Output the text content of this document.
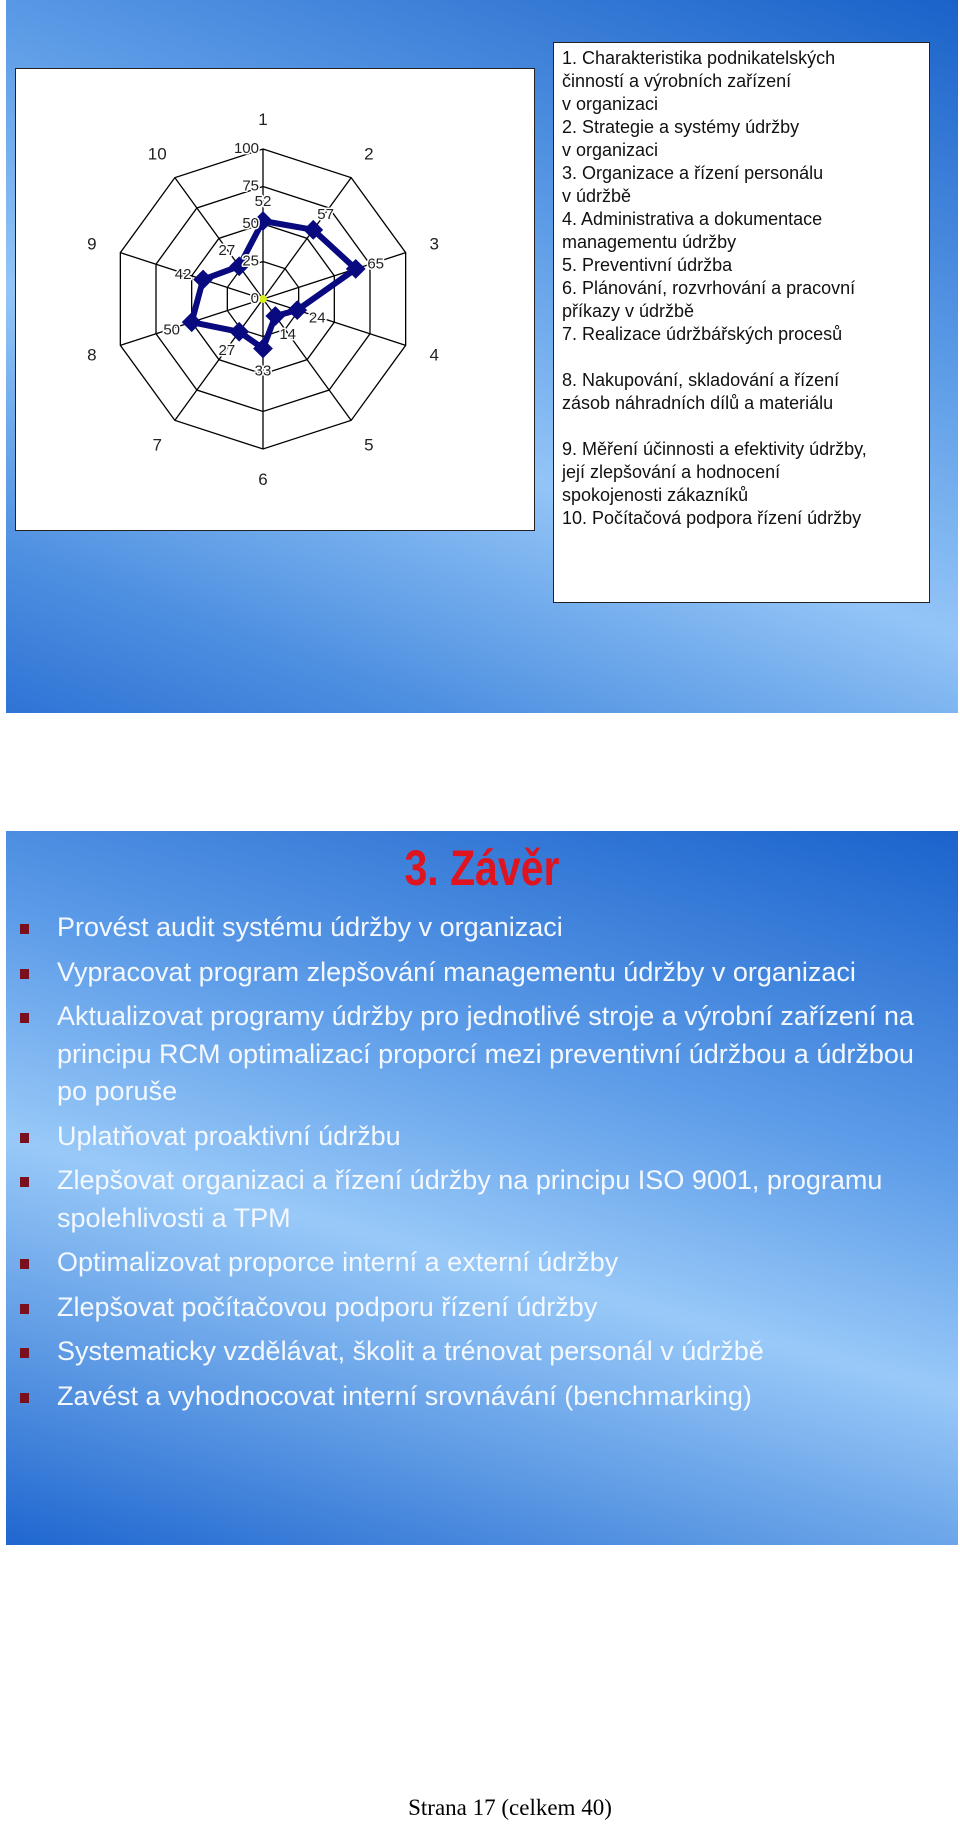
1
2
3
4
5
6
7
8
9
10
52
57
65
24
14
33
27
50
42
27
0
25
50
75
100
1. Charakteristika podnikatelských
činností a výrobních zařízení
v organizaci
2. Strategie a systémy údržby
v organizaci
3. Organizace a řízení personálu
v údržbě
4. Administrativa a dokumentace
managementu údržby
5. Preventivní údržba
6. Plánování, rozvrhování a pracovní
příkazy v údržbě
7. Realizace údržbářských procesů
8. Nakupování, skladování a řízení
zásob náhradních dílů a materiálu
9. Měření účinnosti a efektivity údržby,
její zlepšování a hodnocení
spokojenosti zákazníků
10. Počítačová podpora řízení údržby
3. Závěr
Provést audit systému údržby v organizaci
Vypracovat program zlepšování managementu údržby v organizaci
Aktualizovat programy údržby pro jednotlivé stroje a výrobní zařízení na principu RCM optimalizací proporcí mezi preventivní údržbou a údržbou po poruše
Uplatňovat proaktivní údržbu
Zlepšovat organizaci a řízení údržby na principu ISO 9001, programu spolehlivosti a TPM
Optimalizovat proporce interní a externí údržby
Zlepšovat počítačovou podporu řízení údržby
Systematicky vzdělávat, školit a trénovat personál v údržbě
Zavést a vyhodnocovat interní srovnávání (benchmarking)
Strana 17 (celkem 40)
